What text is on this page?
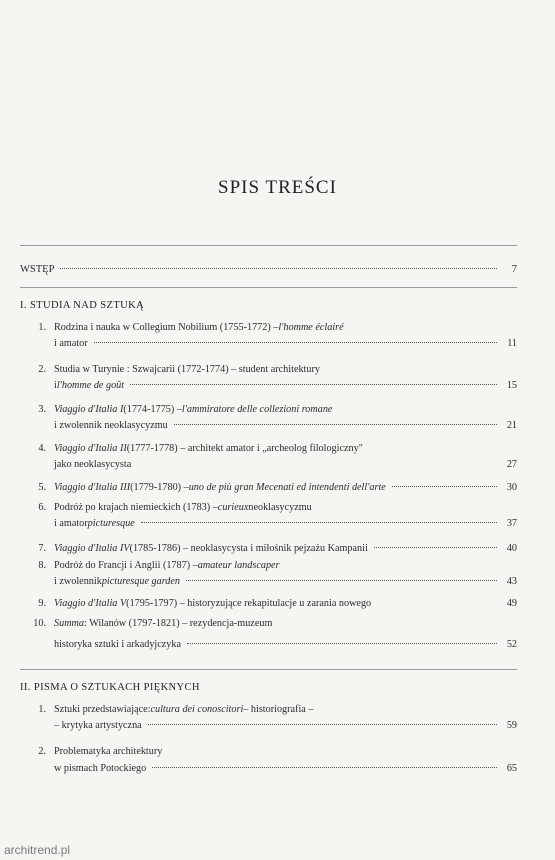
SPIS TREŚCI
WSTĘP	7
I. STUDIA NAD SZTUKĄ
1. Rodzina i nauka w Collegium Nobilium (1755-1772) – l'homme éclairé
i amator	11
2. Studia w Turynie : Szwajcarii (1772-1774) – student architektury
i l'homme de goût	15
3. Viaggio d'Italia I (1774-1775) – l'ammiratore delle collezioni romane
i zwolennik neoklasycyzmu	21
4. Viaggio d'Italia II (1777-1778) – architekt amator i „archeolog filologiczny"
jako neoklasycysta	27
5. Viaggio d'Italia III (1779-1780) – uno de più gran Mecenati ed intendenti dell'arte	30
6. Podróż po krajach niemieckich (1783) – curieux neoklasycyzmu
i amator picturesque	37
7. Viaggio d'Italia IV (1785-1786) – neoklasycysta i miłośnik pejzażu Kampanii	40
8. Podróż do Francji i Anglii (1787) – amateur landscaper
i zwolennik picturesque garden	43
9. Viaggio d'Italia V (1795-1797) – historyzujące rekapitulacje u zarania nowego	49
10. Summa : Wilanów (1797-1821) – rezydencja-muzeum
historyka sztuki i arkadyjczyka	52
II. PISMA O SZTUKACH PIĘKNYCH
1. Sztuki przedstawiające: cultura dei conoscitori – historiografia –
– krytyka artystyczna	59
2. Problematyka architektury
w pismach Potockiego	65
architrend.pl
